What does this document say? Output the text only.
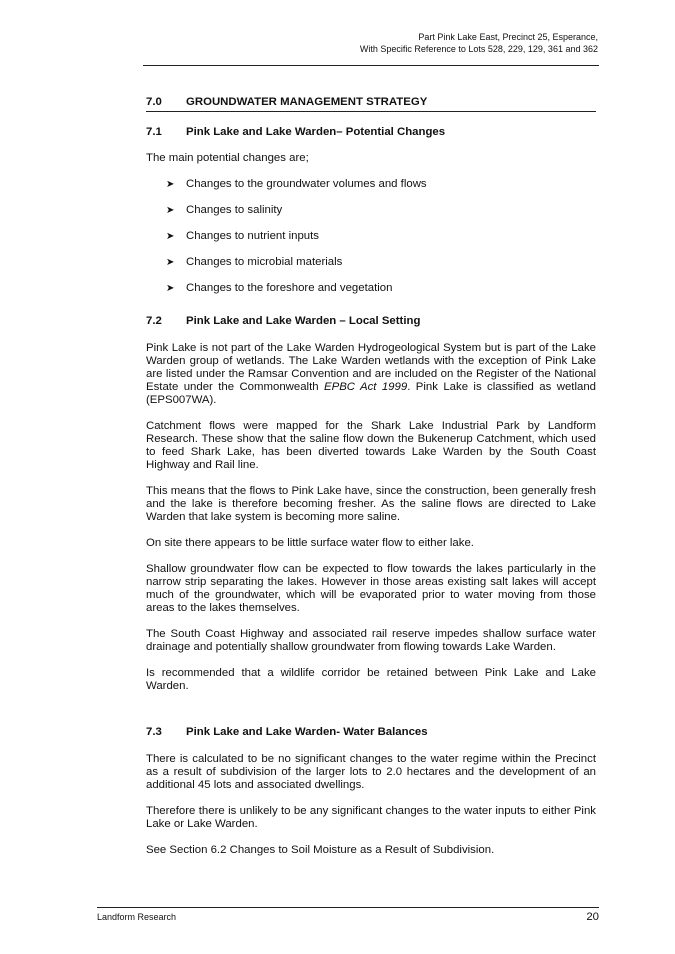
Part Pink Lake East, Precinct 25, Esperance,
With Specific Reference to Lots 528, 229, 129, 361 and 362
7.0	GROUNDWATER MANAGEMENT STRATEGY
7.1	Pink Lake and Lake Warden– Potential Changes

The main potential changes are;

➤	Changes to the groundwater volumes and flows
➤	Changes to salinity
➤	Changes to nutrient inputs
➤	Changes to microbial materials
➤	Changes to the foreshore and vegetation
7.2	Pink Lake and Lake Warden – Local Setting

Pink Lake is not part of the Lake Warden Hydrogeological System but is part of the Lake Warden group of wetlands. The Lake Warden wetlands with the exception of Pink Lake are listed under the Ramsar Convention and are included on the Register of the National Estate under the Commonwealth EPBC Act 1999. Pink Lake is classified as wetland (EPS007WA).

Catchment flows were mapped for the Shark Lake Industrial Park by Landform Research. These show that the saline flow down the Bukenerup Catchment, which used to feed Shark Lake, has been diverted towards Lake Warden by the South Coast Highway and Rail line.

This means that the flows to Pink Lake have, since the construction, been generally fresh and the lake is therefore becoming fresher. As the saline flows are directed to Lake Warden that lake system is becoming more saline.

On site there appears to be little surface water flow to either lake.

Shallow groundwater flow can be expected to flow towards the lakes particularly in the narrow strip separating the lakes. However in those areas existing salt lakes will accept much of the groundwater, which will be evaporated prior to water moving from those areas to the lakes themselves.

The South Coast Highway and associated rail reserve impedes shallow surface water drainage and potentially shallow groundwater from flowing towards Lake Warden.

Is recommended that a wildlife corridor be retained between Pink Lake and Lake Warden.

7.3	Pink Lake and Lake Warden- Water Balances

There is calculated to be no significant changes to the water regime within the Precinct as a result of subdivision of the larger lots to 2.0 hectares and the development of an additional 45 lots and associated dwellings.

Therefore there is unlikely to be any significant changes to the water inputs to either Pink Lake or Lake Warden.

See Section 6.2 Changes to Soil Moisture as a Result of Subdivision.

Landform Research	20
